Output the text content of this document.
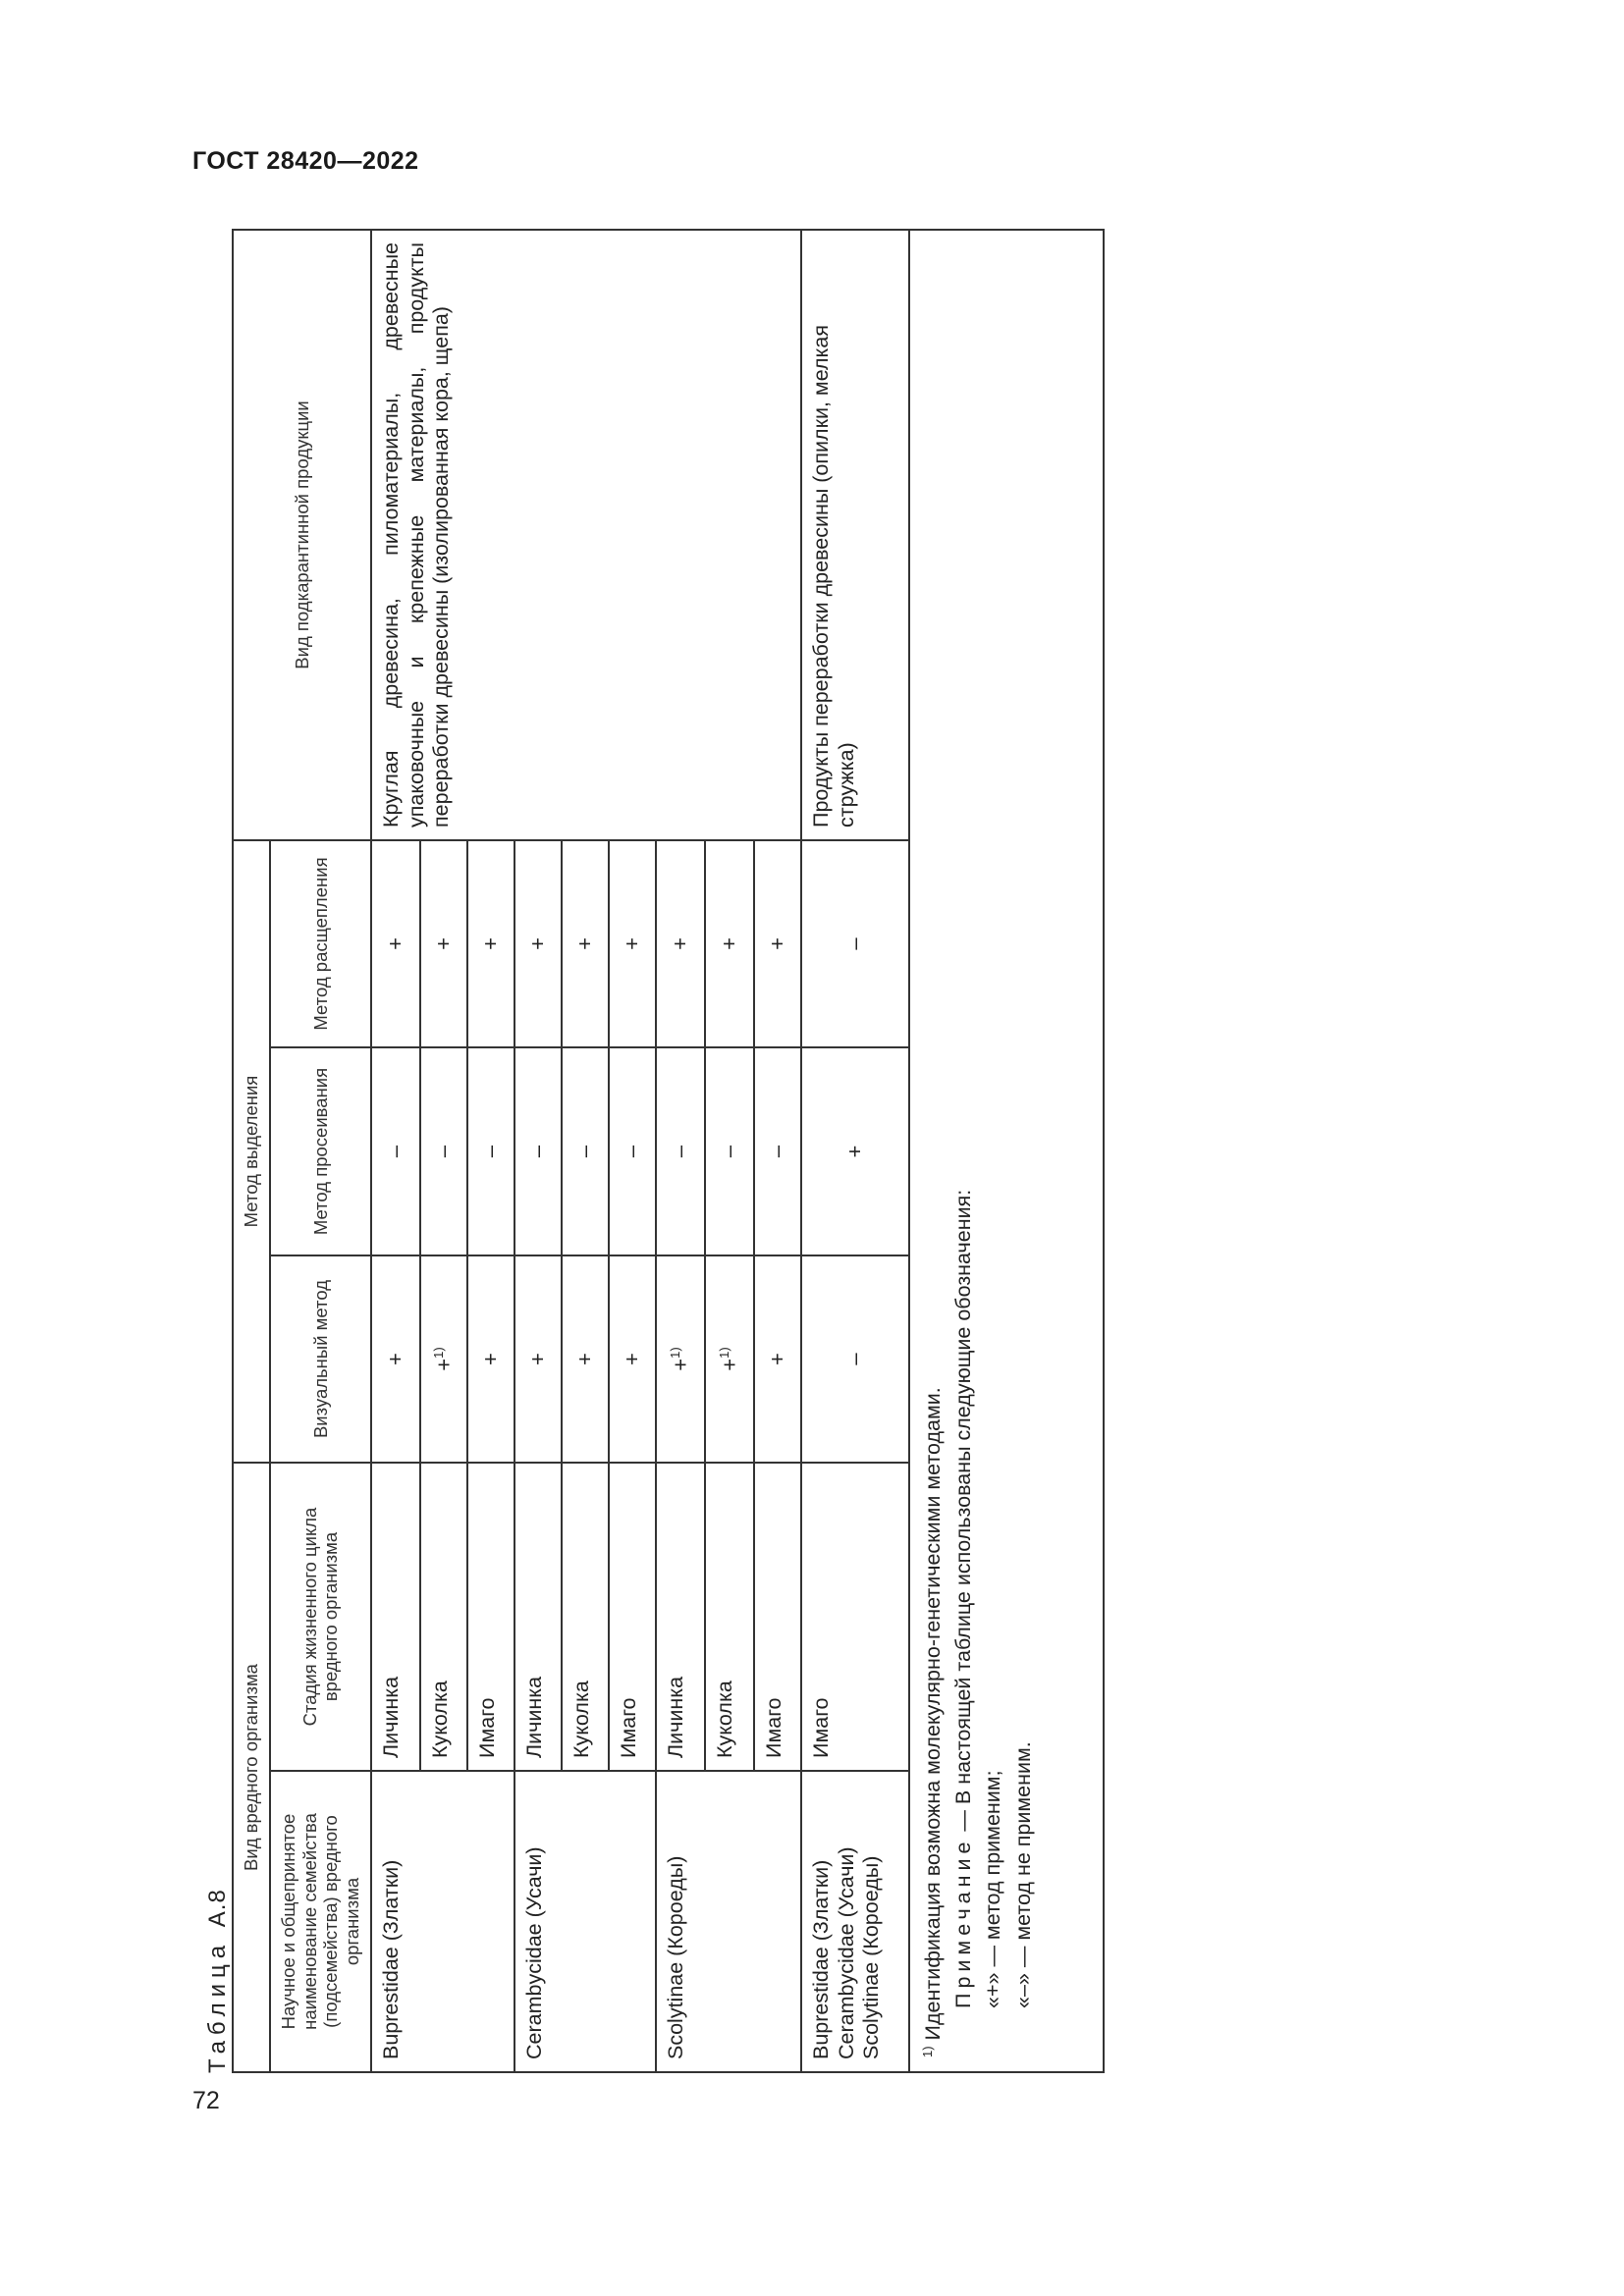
ГОСТ 28420—2022
72
Таблица А.8
Вид вредного организма		Метод выделения			Вид подкарантинной продукции
Научное и общепринятое наименование семейства (подсемейства) вредного организма	Стадия жизненного цикла вредного организма	Визуальный метод	Метод просеивания	Метод расщепления	
Buprestidae (Златки)	Личинка	+	–	+	Круглая древесина, пиломатериалы, древесные упаковочные и крепежные материалы, продукты переработки древесины (изолированная кора, щепа)
	Куколка	+$^{1)}$	–	+	
	Имаго	+	–	+	
Cerambycidae (Усачи)	Личинка	+	–	+	
	Куколка	+	–	+	
	Имаго	+	–	+	
Scolytinae (Короеды)	Личинка	+$^{1)}$	–	+	
	Куколка	+$^{1)}$	–	+	
	Имаго	+	–	+	

Buprestidae (Златки) Cerambycidae (Усачи) Scolytinae (Короеды)	Имаго	–	+	–	Продукты переработки древесины (опилки, мелкая стружка)

$^{1)}$ Идентификация возможна молекулярно-генетическими методами. Примечание — В настоящей таблице использованы следующие обозначения:

«+» — метод применим; «–» — метод не применим.					
